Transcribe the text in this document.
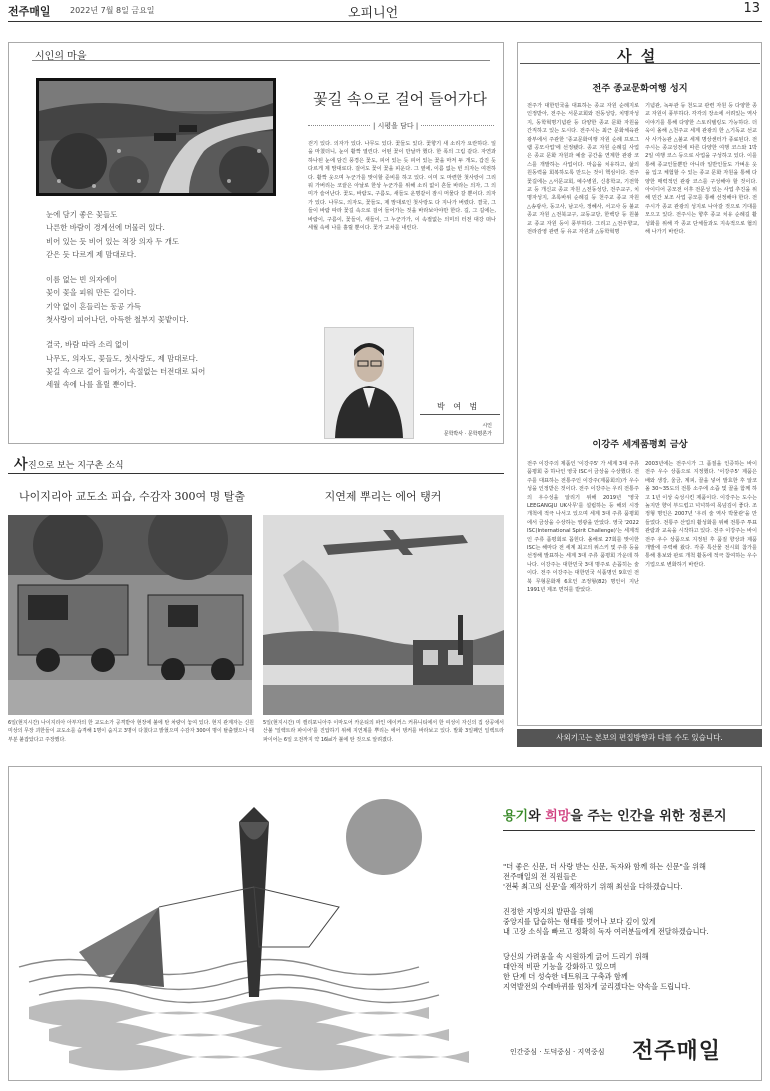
전주매일 2022년 7월 8일 금요일	오피니언	13
시인의 마을
꽃길 속으로 걸어 들어가다
| 시평을 담다 |
걷기 있다. 의자가 있다. 나무도 있다. 꽃들도 있다. 꽃향기 새 소리가 요란하다. 일을 마쳤더니, 눈이 활짝 열린다. 어떤 꽃이 만날까 했다. 한 폭의 그림 같다. 자연과 하나된 눈에 담긴 풍경은 꽃도, 피어 있는 듯 피어 있는 꽃을 마저 두 개도, 갑진 듯 다르게 제 맘대로다. 걸어도 꽃이 꽃을 피운다. 그 옆에, 이름 없는 빈 의자는 여전하다. 활짝 웃으며 누군가를 맞이할 준비를 하고 있다. 이미 도 마련한 첫사랑이 그리워 가버리는 코끝은 아날로 한상 누군가를 위해 소리 없이 흔들 바라는 의자, 그 의미가 슬어난다. 꽃도, 바람도, 구름도, 새들도 운명같이 잠시 머물다 갈 뿐이다. 의자가 있다. 나무도, 의자도, 꽃들도, 제 맘대로인 첫사랑도 다 지나가 버렸다. 결국, 그들이 바람 따라 꽃길 속으로 걸어 들어가는 것을 바라보아야만 한다. 길, 그 길에는, 바람이, 구름이, 꽃들이, 새들이, 그 누군가가, 이 속절없는 의미의 터전 대강 떠나 세월 속에 나를 흘릴 뿐이다. 꽃가 교차를 내린다.

눈에 담기 좋은 꽃들도

나른한 바람이 경계선에 머물러 있다.

비어 있는 듯 비어 있는 적장 의자 두 개도

갇은 듯 다르게 제 맘대로다.

이름 없는 빈 의자에이

꽃이 꽃을 피워 만든 길이다.

기약 없이 흔들리는 동공 가득

첫사랑이 피어나던, 아득한 철부지 꽃밭이다.

결국, 바람 따라 소리 없이

나무도, 의자도, 꽃들도, 첫사랑도, 제 맘대로다.

꽃길 속으로 걸어 들어가, 속절없는 터전대로 되어

세월 속에 나를 흘릴 뿐이다.

박 여 범
시인
문학박사 · 문학평론가
사 진으로 보는 지구촌 소식
나이지리아 교도소 피습, 수감자 300여 명 탈출	지연제 뿌리는 에어 탱커
6일(현지시간) 나이지리아 아부자의 한 교도소가 공격받아 현장에 불에 탄 차량이 놓여 있다. 현지 관계자는 신원 미상의 무장 괴한들이 교도소를 습격해 1명이 숨지고 3명이 다쳤다고 밝혔으며 수감자 300여 명이 탈출했으나 대부분 붙잡았다고 주장했다.
5일(현지시간) 미 캘리포니아주 이마도어 카운티의 파인 에이커스 커뮤니티에서 한 여성이 자신의 집 상공에서 산불 '일렉트라 파이어'를 진압하기 위해 지연제를 뿌리는 에어 탱커를 바라보고 있다. 발화 3일째인 일렉트라 파이어는 6일 오전까지 약 16㎢가 불에 탄 것으로 알려졌다.
사 설
전주 종교문화여행 성지
전주가 대한민국을 대표하는 종교 자원 순례지로 인정받아, 전주는 서문교회와 전동성당, 치명자성지, 동학혁명기념관 등 다양한 종교 문화 자원을 간직하고 있는 도시다. 전주시는 최근 문화체육관광부에서 주관한 '종교문화여행 자원 순례 프로그램 공모사업'에 선정됐다. 종교 자원 순례길 사업은 종교 문화 자원과 예술 공간을 연계한 관광 코스를 개발하는 사업이다. 마음을 치유하고, 삶의 원동력을 회복하도록 만드는 것이 핵심이다. 전주 꽃길에는 △서문교회, 예수병원, 신흥학교, 기전학교 등 개신교 종교 자원 △전동성당, 전주교구, 치명자성지, 초록바위 순례길 등 천주교 종교 자원 △송광사, 동고사, 남고사, 정혜사, 서고사 등 불교 종교 자원 △전북교구, 교동교당, 한백당 등 원불교 종교 자원 등이 풍부하다. 그리고 △전주향교, 전라감영 관련 등 유교 자원과 △동학혁명
기념관, 녹두관 등 천도교 관련 자원 등 다양한 종교 자원이 풍부하다. 각각의 장소에 서려있는 역사 이야기를 통해 다양한 스토리텔링도 가능하다. 더욱이 올해 △천주교 세계 관광의 한 △기독교 선교사 사가능관 △불교 세계 명상센터가 종료된다. 전주시는 종교성전에 따른 다양한 여행 코스와 1박 2일 여행 코스 등으로 사업을 구성하고 있다. 이를 통해 종교인들뿐만 아니라 일반인들도 가벼운 옷을 입고 체험할 수 있는 종교 문화 자원을 통해 다양한 매력적인 관광 코스를 구성해야 할 것이다. 아이디어 공모전 이후 전문성 있는 사업 추진을 위해 민간 보조 사업 공모를 통해 선정해야 한다. 전주시가 종교 관광의 성지로 나아갈 것으로 기대를 모으고 있다. 전주시는 향후 종교 치유 순례길 활성화를 위해 각 종교 단체들과도 지속적으로 협의해 나가기 바란다.
이강주 세계품평회 금상
전주 이강주의 제품인 '이강주5' 가 세계 3대 주류 품평회 중 하나인 영국 ISC서 금상을 수상했다. 전주를 대표하는 전통주인 이강주(제품회의)가 우수성을 인정받은 것이다. 전주 이강주는 우리 전통주의 우수성을 알리기 위해 2019년 '영국 LEEGANGJU UK사무'를 설립하는 등 해외 시장 개척에 적극 나서고 있으며 세계 3대 주류 품평회에서 금상을 수상하는 영광을 안았다. 영국 '2022 ISC(International Spirit Challenge)'는 세계적인 주류 품평회로 꼽힌다. 올해로 27회를 맞이한 ISC는 해마다 전 세계 최고의 위스키 및 주류 등을 선정해 발표하는 세계 3대 주류 품평회 가운데 하나다. 이강주는 대한민국 3대 명주로 손꼽히는 술이다. 전주 이강주는 대한민국 식품명인 9호인 전북 무형문화재 6호인 조정형(82) 명인이 지난 1991년 제조 면허를 받았다.
2003년에는 전주시가 그 품질을 인증하는 바이 전주 우수 상품으로 지정했다. '이강주5' 제품은 배와 생강, 울금, 계피, 꿀을 넣어 발효한 후 알코올 30~35도의 전통 소주에 소즙 및 꿀을 함께 하고 1년 이상 숙성시킨 제품이다. 이강주는 도수는 높지만 향이 부드럽고 넉넉하여 목넘김이 좋다. 조정형 명인은 2007년 '우리 술 역사 박물관'을 만들었다. 전통주 산업의 활성화를 위해 전통주 투표 관람과 교육을 시작하고 있다. 전주 이강주는 바이 전주 우수 상품으로 지정된 후 품질 향상과 제품 개발에 주력해 왔다. 각종 특산물 전시회 참가를 통해 홍보와 판로 개척 활동에 적극 참여하는 우수기업으로 변화하기 바란다.
사외기고는 본보의 편집방향과 다를 수도 있습니다.
용기와 희망을 주는 인간을 위한 정론지
"더 좋은 신문, 더 사랑 받는 신문, 독자와 함께 하는 신문"을 위해
전주매일의 전 직원들은
'전북 최고의 신문'을 제작하기 위해 최선을 다하겠습니다.
진정한 지방지의 발판을 위해
중앙지를 답습하는 형태를 벗어나 보다 깊이 있게
내 고장 소식을 빠르고 정확히 독자 여러분들에게 전달하겠습니다.
당신의 가려움을 속 시원하게 긁어 드리기 위해
대안적 비판 기능을 강화하고 있으며
한 단계 더 성숙한 네트워크 구축과 함께
지역발전의 수레바퀴를 힘차게 굴리겠다는 약속을 드립니다.
인간중심 · 도덕중심 · 지역중심 전주매일
